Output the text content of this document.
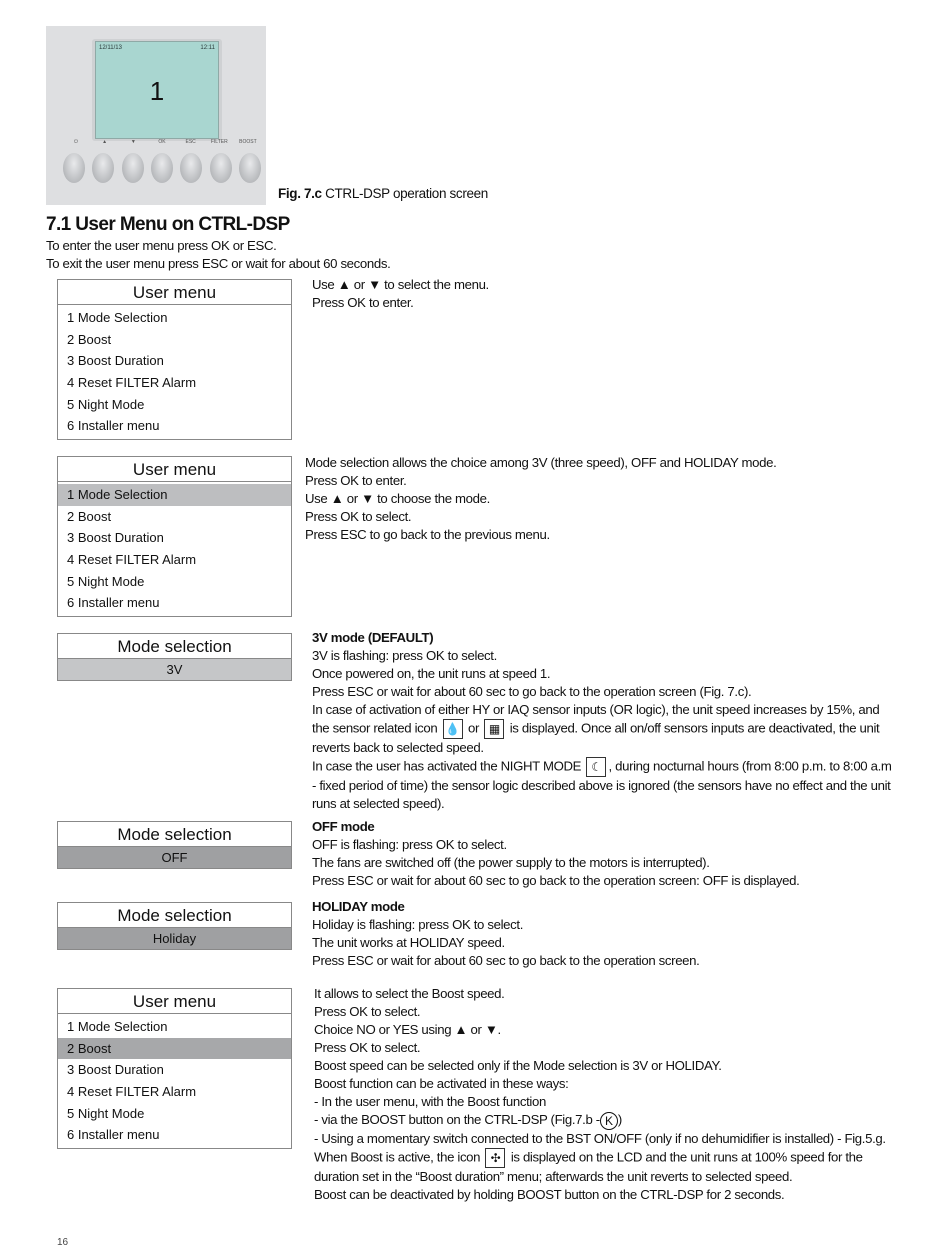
12/11/13	12:11
1
⏻	▲	▼	OK	ESC	FILTER	BOOST
Fig. 7.c CTRL-DSP operation screen
7.1 User Menu on CTRL-DSP
To enter the user menu press OK or ESC.
To exit the user menu press ESC or wait for about 60 seconds.
User menu
1 Mode Selection
2 Boost
3 Boost Duration
4 Reset FILTER Alarm
5 Night Mode
6 Installer menu

Use ▲ or ▼ to select the menu.

Press OK to enter.

User menu
1 Mode Selection
2 Boost
3 Boost Duration
4 Reset FILTER Alarm
5 Night Mode
6 Installer menu

Mode selection allows the choice among 3V (three speed), OFF and HOLIDAY mode.

Press OK to enter.

Use ▲ or ▼ to choose the mode.

Press OK to select.

Press ESC to go back to the previous menu.

Mode selection
3V

3V mode (DEFAULT)

3V is flashing: press OK to select.

Once powered on, the unit runs at speed 1.

Press ESC or wait for about 60 sec to go back to the operation screen (Fig. 7.c).

In case of activation of either HY or IAQ sensor inputs (OR logic), the unit speed increases by 15%, and

the sensor related icon 💧 or ▦ is displayed. Once all on/off sensors inputs are deactivated, the unit

reverts back to selected speed.

In case the user has activated the NIGHT MODE ☾ , during nocturnal hours (from 8:00 p.m. to 8:00 a.m

- fixed period of time) the sensor logic described above is ignored (the sensors have no effect and the unit

runs at selected speed).

Mode selection
OFF

OFF mode

OFF is flashing: press OK to select.

The fans are switched off (the power supply to the motors is interrupted).

Press ESC or wait for about 60 sec to go back to the operation screen: OFF is displayed.

Mode selection
Holiday

HOLIDAY mode

Holiday is flashing: press OK to select.

The unit works at HOLIDAY speed.

Press ESC or wait for about 60 sec to go back to the operation screen.

User menu
1 Mode Selection
2 Boost
3 Boost Duration
4 Reset FILTER Alarm
5 Night Mode
6 Installer menu

It allows to select the Boost speed.

Press OK to select.

Choice NO or YES using ▲ or ▼.

Press OK to select.

Boost speed can be selected only if the Mode selection is 3V or HOLIDAY.

Boost function can be activated in these ways:

- In the user menu, with the Boost function

- via the BOOST button on the CTRL-DSP (Fig.7.b - K )

- Using a momentary switch connected to the BST ON/OFF (only if no dehumidifier is installed) - Fig.5.g.

When Boost is active, the icon ✣ is displayed on the LCD and the unit runs at 100% speed for the

duration set in the “Boost duration” menu; afterwards the unit reverts to selected speed.

Boost can be deactivated by holding BOOST button on the CTRL-DSP for 2 seconds.

16
